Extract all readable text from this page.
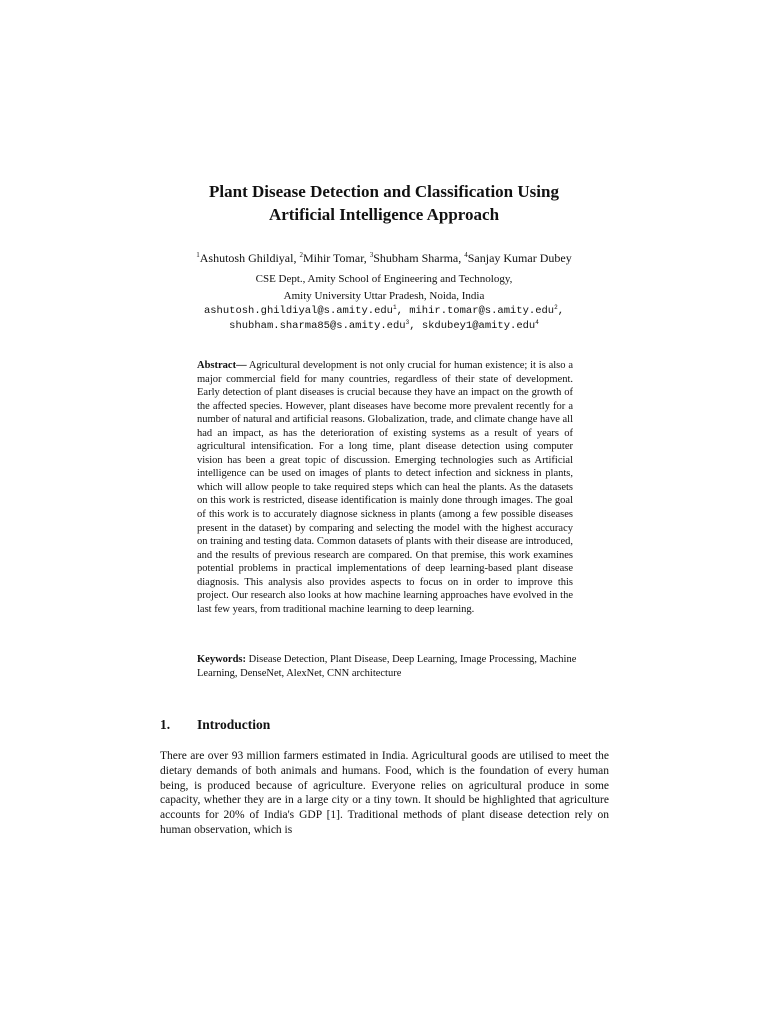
Plant Disease Detection and Classification Using
Artificial Intelligence Approach
$^1$Ashutosh Ghildiyal, $^2$Mihir Tomar, $^3$Shubham Sharma, $^4$Sanjay Kumar Dubey
CSE Dept., Amity School of Engineering and Technology,
Amity University Uttar Pradesh, Noida, India
ashutosh.ghildiyal@s.amity.edu$^1$, mihir.tomar@s.amity.edu$^2$,
shubham.sharma85@s.amity.edu$^3$, skdubey1@amity.edu$^4$
Abstract— Agricultural development is not only crucial for human existence; it is also a major commercial field for many countries, regardless of their state of development. Early detection of plant diseases is crucial because they have an impact on the growth of the affected species. However, plant diseases have become more prevalent recently for a number of natural and artificial reasons. Globalization, trade, and climate change have all had an impact, as has the deterioration of existing systems as a result of years of agricultural intensification. For a long time, plant disease detection using computer vision has been a great topic of discussion. Emerging technologies such as Artificial intelligence can be used on images of plants to detect infection and sickness in plants, which will allow people to take required steps which can heal the plants. As the datasets on this work is restricted, disease identification is mainly done through images. The goal of this work is to accurately diagnose sickness in plants (among a few possible diseases present in the dataset) by comparing and selecting the model with the highest accuracy on training and testing data. Common datasets of plants with their disease are introduced, and the results of previous research are compared. On that premise, this work examines potential problems in practical implementations of deep learning-based plant disease diagnosis. This analysis also provides aspects to focus on in order to improve this project. Our research also looks at how machine learning approaches have evolved in the last few years, from traditional machine learning to deep learning.
Keywords: Disease Detection, Plant Disease, Deep Learning, Image Processing, Machine Learning, DenseNet, AlexNet, CNN architecture
1. Introduction
There are over 93 million farmers estimated in India. Agricultural goods are utilised to meet the dietary demands of both animals and humans. Food, which is the foundation of every human being, is produced because of agriculture. Everyone relies on agricultural produce in some capacity, whether they are in a large city or a tiny town. It should be highlighted that agriculture accounts for 20% of India's GDP [1]. Traditional methods of plant disease detection rely on human observation, which is
